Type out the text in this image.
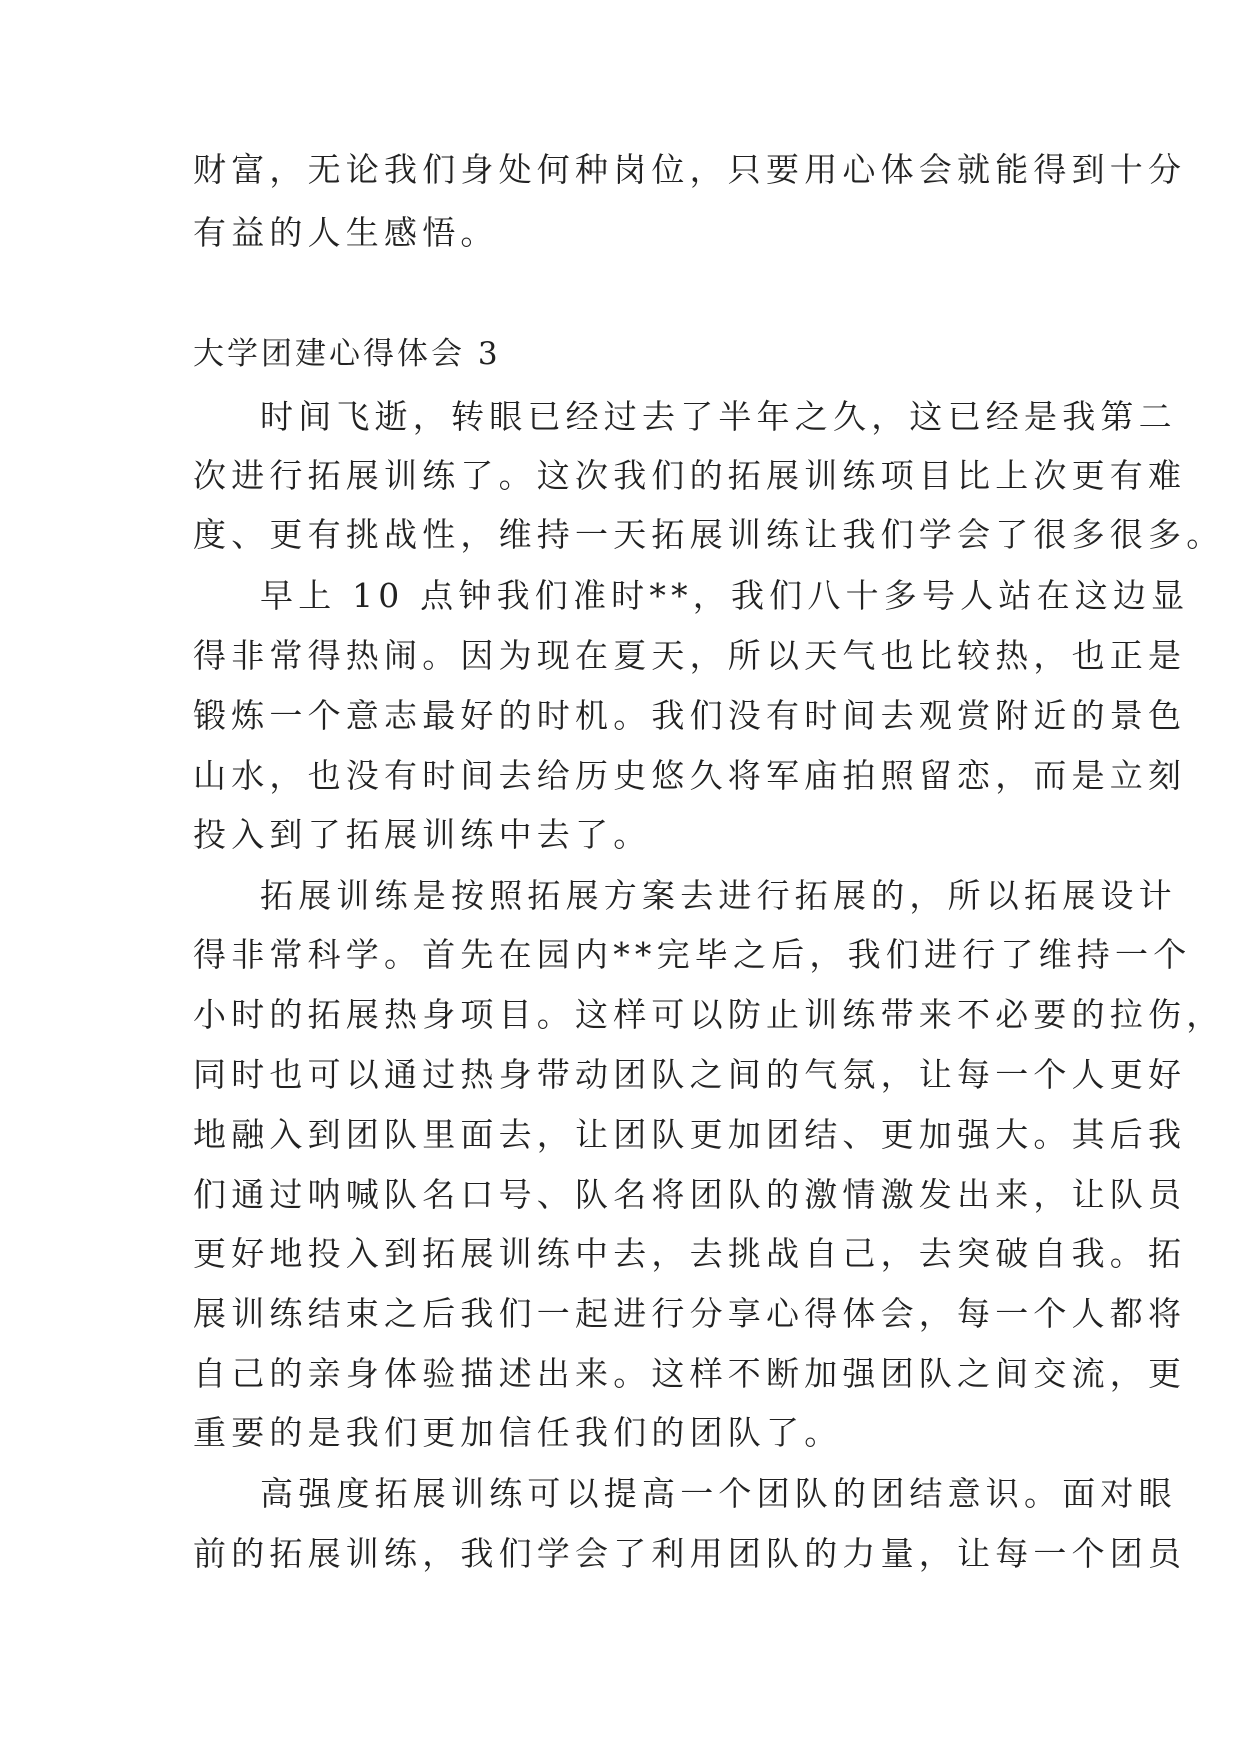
财富，无论我们身处何种岗位，只要用心体会就能得到十分
有益的人生感悟。
大学团建心得体会 3
时间飞逝，转眼已经过去了半年之久，这已经是我第二
次进行拓展训练了。这次我们的拓展训练项目比上次更有难
度、更有挑战性，维持一天拓展训练让我们学会了很多很多。
早上 10 点钟我们准时**，我们八十多号人站在这边显
得非常得热闹。因为现在夏天，所以天气也比较热，也正是
锻炼一个意志最好的时机。我们没有时间去观赏附近的景色
山水，也没有时间去给历史悠久将军庙拍照留恋，而是立刻
投入到了拓展训练中去了。
拓展训练是按照拓展方案去进行拓展的，所以拓展设计
得非常科学。首先在园内**完毕之后，我们进行了维持一个
小时的拓展热身项目。这样可以防止训练带来不必要的拉伤，
同时也可以通过热身带动团队之间的气氛，让每一个人更好
地融入到团队里面去，让团队更加团结、更加强大。其后我
们通过呐喊队名口号、队名将团队的激情激发出来，让队员
更好地投入到拓展训练中去，去挑战自己，去突破自我。拓
展训练结束之后我们一起进行分享心得体会，每一个人都将
自己的亲身体验描述出来。这样不断加强团队之间交流，更
重要的是我们更加信任我们的团队了。
高强度拓展训练可以提高一个团队的团结意识。面对眼
前的拓展训练，我们学会了利用团队的力量，让每一个团员
